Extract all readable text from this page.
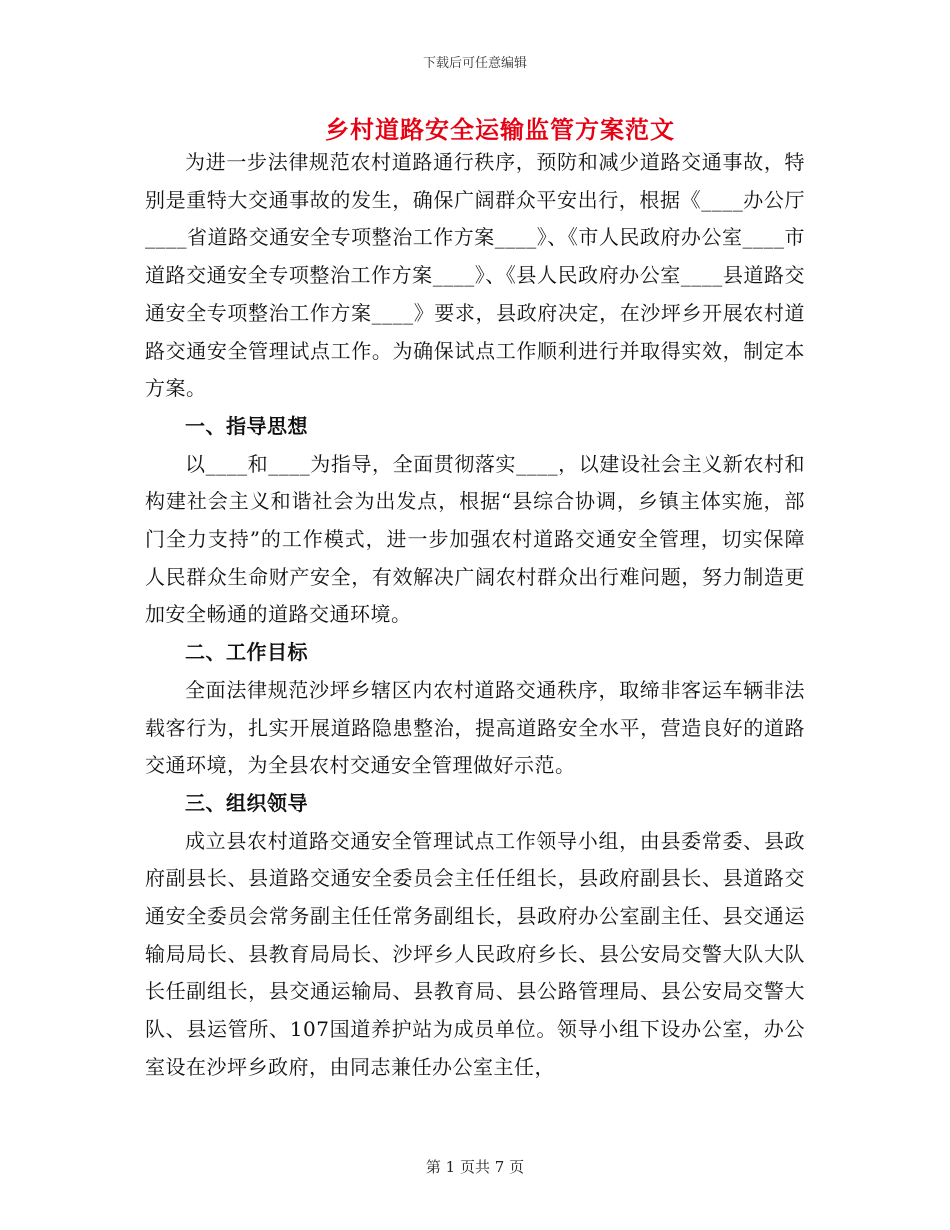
下载后可任意编辑
乡村道路安全运输监管方案范文

为进一步法律规范农村道路通行秩序，预防和减少道路交通事故，特别是重特大交通事故的发生，确保广阔群众平安出行，根据《____办公厅____省道路交通安全专项整治工作方案____》、《市人民政府办公室____市道路交通安全专项整治工作方案____》、《县人民政府办公室____县道路交通安全专项整治工作方案____》要求，县政府决定，在沙坪乡开展农村道路交通安全管理试点工作。为确保试点工作顺利进行并取得实效，制定本方案。

一、指导思想

以____和____为指导，全面贯彻落实____，以建设社会主义新农村和构建社会主义和谐社会为出发点，根据“县综合协调，乡镇主体实施，部门全力支持”的工作模式，进一步加强农村道路交通安全管理，切实保障人民群众生命财产安全，有效解决广阔农村群众出行难问题，努力制造更加安全畅通的道路交通环境。

二、工作目标

全面法律规范沙坪乡辖区内农村道路交通秩序，取缔非客运车辆非法载客行为，扎实开展道路隐患整治，提高道路安全水平，营造良好的道路交通环境，为全县农村交通安全管理做好示范。

三、组织领导

成立县农村道路交通安全管理试点工作领导小组，由县委常委、县政府副县长、县道路交通安全委员会主任任组长，县政府副县长、县道路交通安全委员会常务副主任任常务副组长，县政府办公室副主任、县交通运输局局长、县教育局局长、沙坪乡人民政府乡长、县公安局交警大队大队长任副组长，县交通运输局、县教育局、县公路管理局、县公安局交警大队、县运管所、107国道养护站为成员单位。领导小组下设办公室，办公室设在沙坪乡政府，由同志兼任办公室主任，

第 1 页共 7 页
